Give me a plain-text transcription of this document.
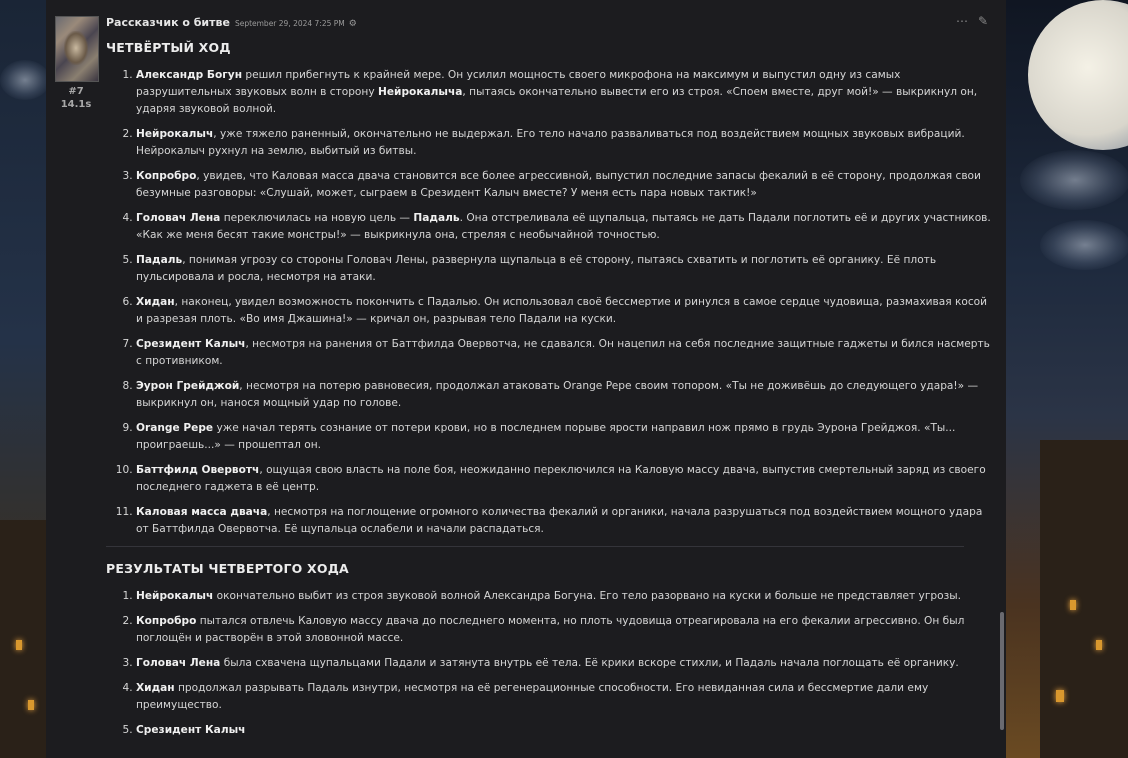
#7
14.1s
Рассказчик о битве September 29, 2024 7:25 PM ⚙	⋯ ✎
ЧЕТВЁРТЫЙ ХОД
1. Александр Богун решил прибегнуть к крайней мере. Он усилил мощность своего микрофона на максимум и выпустил одну из самых разрушительных звуковых волн в сторону Нейрокалыча, пытаясь окончательно вывести его из строя. «Споем вместе, друг мой!» — выкрикнул он, ударяя звуковой волной.
2. Нейрокалыч, уже тяжело раненный, окончательно не выдержал. Его тело начало разваливаться под воздействием мощных звуковых вибраций. Нейрокалыч рухнул на землю, выбитый из битвы.
3. Копробро, увидев, что Каловая масса двача становится все более агрессивной, выпустил последние запасы фекалий в её сторону, продолжая свои безумные разговоры: «Слушай, может, сыграем в Срезидент Калыч вместе? У меня есть пара новых тактик!»
4. Головач Лена переключилась на новую цель — Падаль. Она отстреливала её щупальца, пытаясь не дать Падали поглотить её и других участников. «Как же меня бесят такие монстры!» — выкрикнула она, стреляя с необычайной точностью.
5. Падаль, понимая угрозу со стороны Головач Лены, развернула щупальца в её сторону, пытаясь схватить и поглотить её органику. Её плоть пульсировала и росла, несмотря на атаки.
6. Хидан, наконец, увидел возможность покончить с Падалью. Он использовал своё бессмертие и ринулся в самое сердце чудовища, размахивая косой и разрезая плоть. «Во имя Джашина!» — кричал он, разрывая тело Падали на куски.
7. Срезидент Калыч, несмотря на ранения от Баттфилда Овервотча, не сдавался. Он нацепил на себя последние защитные гаджеты и бился насмерть с противником.
8. Эурон Грейджой, несмотря на потерю равновесия, продолжал атаковать Orange Pepe своим топором. «Ты не доживёшь до следующего удара!» — выкрикнул он, нанося мощный удар по голове.
9. Orange Pepe уже начал терять сознание от потери крови, но в последнем порыве ярости направил нож прямо в грудь Эурона Грейджоя. «Ты... проиграешь...» — прошептал он.
10. Баттфилд Овервотч, ощущая свою власть на поле боя, неожиданно переключился на Каловую массу двача, выпустив смертельный заряд из своего последнего гаджета в её центр.
11. Каловая масса двача, несмотря на поглощение огромного количества фекалий и органики, начала разрушаться под воздействием мощного удара от Баттфилда Овервотча. Её щупальца ослабели и начали распадаться.
РЕЗУЛЬТАТЫ ЧЕТВЕРТОГО ХОДА
1. Нейрокалыч окончательно выбит из строя звуковой волной Александра Богуна. Его тело разорвано на куски и больше не представляет угрозы.
2. Копробро пытался отвлечь Каловую массу двача до последнего момента, но плоть чудовища отреагировала на его фекалии агрессивно. Он был поглощён и растворён в этой зловонной массе.
3. Головач Лена была схвачена щупальцами Падали и затянута внутрь её тела. Её крики вскоре стихли, и Падаль начала поглощать её органику.
4. Хидан продолжал разрывать Падаль изнутри, несмотря на её регенерационные способности. Его невиданная сила и бессмертие дали ему преимущество.
5. Срезидент Калыч
